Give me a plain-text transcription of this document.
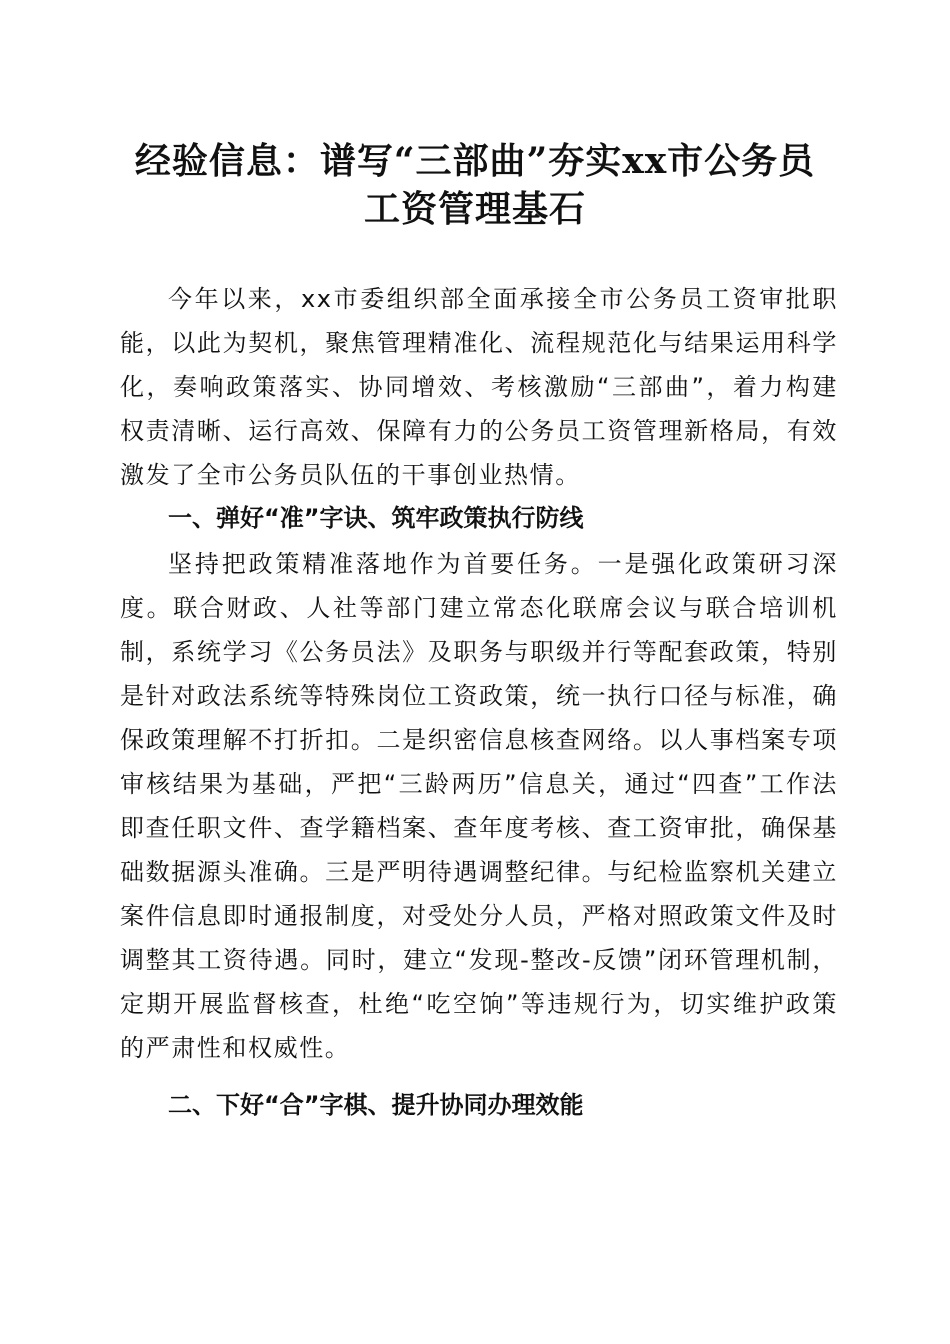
经验信息：谱写“三部曲”夯实xx市公务员
工资管理基石

今年以来，xx市委组织部全面承接全市公务员工资审批职能，以此为契机，聚焦管理精准化、流程规范化与结果运用科学化，奏响政策落实、协同增效、考核激励“三部曲”，着力构建权责清晰、运行高效、保障有力的公务员工资管理新格局，有效激发了全市公务员队伍的干事创业热情。

一、弹好“准”字诀、筑牢政策执行防线

坚持把政策精准落地作为首要任务。一是强化政策研习深度。联合财政、人社等部门建立常态化联席会议与联合培训机制，系统学习《公务员法》及职务与职级并行等配套政策，特别是针对政法系统等特殊岗位工资政策，统一执行口径与标准，确保政策理解不打折扣。二是织密信息核查网络。以人事档案专项审核结果为基础，严把“三龄两历”信息关，通过“四查”工作法即查任职文件、查学籍档案、查年度考核、查工资审批，确保基础数据源头准确。三是严明待遇调整纪律。与纪检监察机关建立案件信息即时通报制度，对受处分人员，严格对照政策文件及时调整其工资待遇。同时，建立“发现-整改-反馈”闭环管理机制，定期开展监督核查，杜绝“吃空饷”等违规行为，切实维护政策的严肃性和权威性。

二、下好“合”字棋、提升协同办理效能
